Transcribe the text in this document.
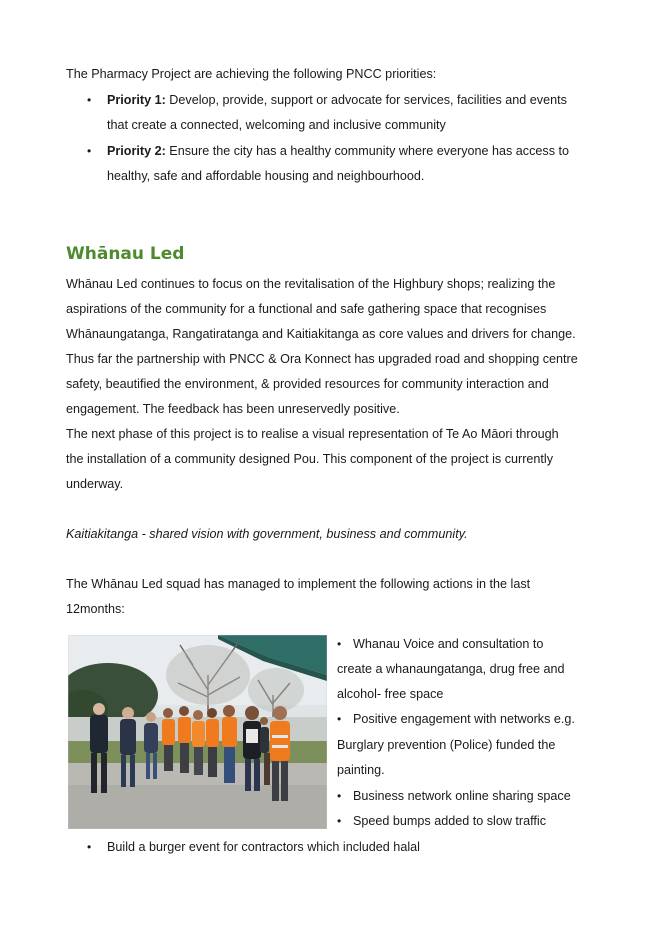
The Pharmacy Project are achieving the following PNCC priorities:
• Priority 1: Develop, provide, support or advocate for services, facilities and events
that create a connected, welcoming and inclusive community
• Priority 2: Ensure the city has a healthy community where everyone has access to
healthy, safe and affordable housing and neighbourhood.
Whānau Led
Whānau Led continues to focus on the revitalisation of the Highbury shops; realizing the
aspirations of the community for a functional and safe gathering space that recognises
Whānaungatanga, Rangatiratanga and Kaitiakitanga as core values and drivers for change.
Thus far the partnership with PNCC & Ora Konnect has upgraded road and shopping centre
safety, beautified the environment, & provided resources for community interaction and
engagement. The feedback has been unreservedly positive.
The next phase of this project is to realise a visual representation of Te Ao Māori through
the installation of a community designed Pou. This component of the project is currently
underway.
Kaitiakitanga - shared vision with government, business and community.
The Whānau Led squad has managed to implement the following actions in the last
12months:
• Whanau Voice and consultation to
create a whanaungatanga, drug free and
alcohol- free space
• Positive engagement with networks e.g.
Burglary prevention (Police) funded the
painting.
• Business network online sharing space
• Speed bumps added to slow traffic
• Build a burger event for contractors which included halal
